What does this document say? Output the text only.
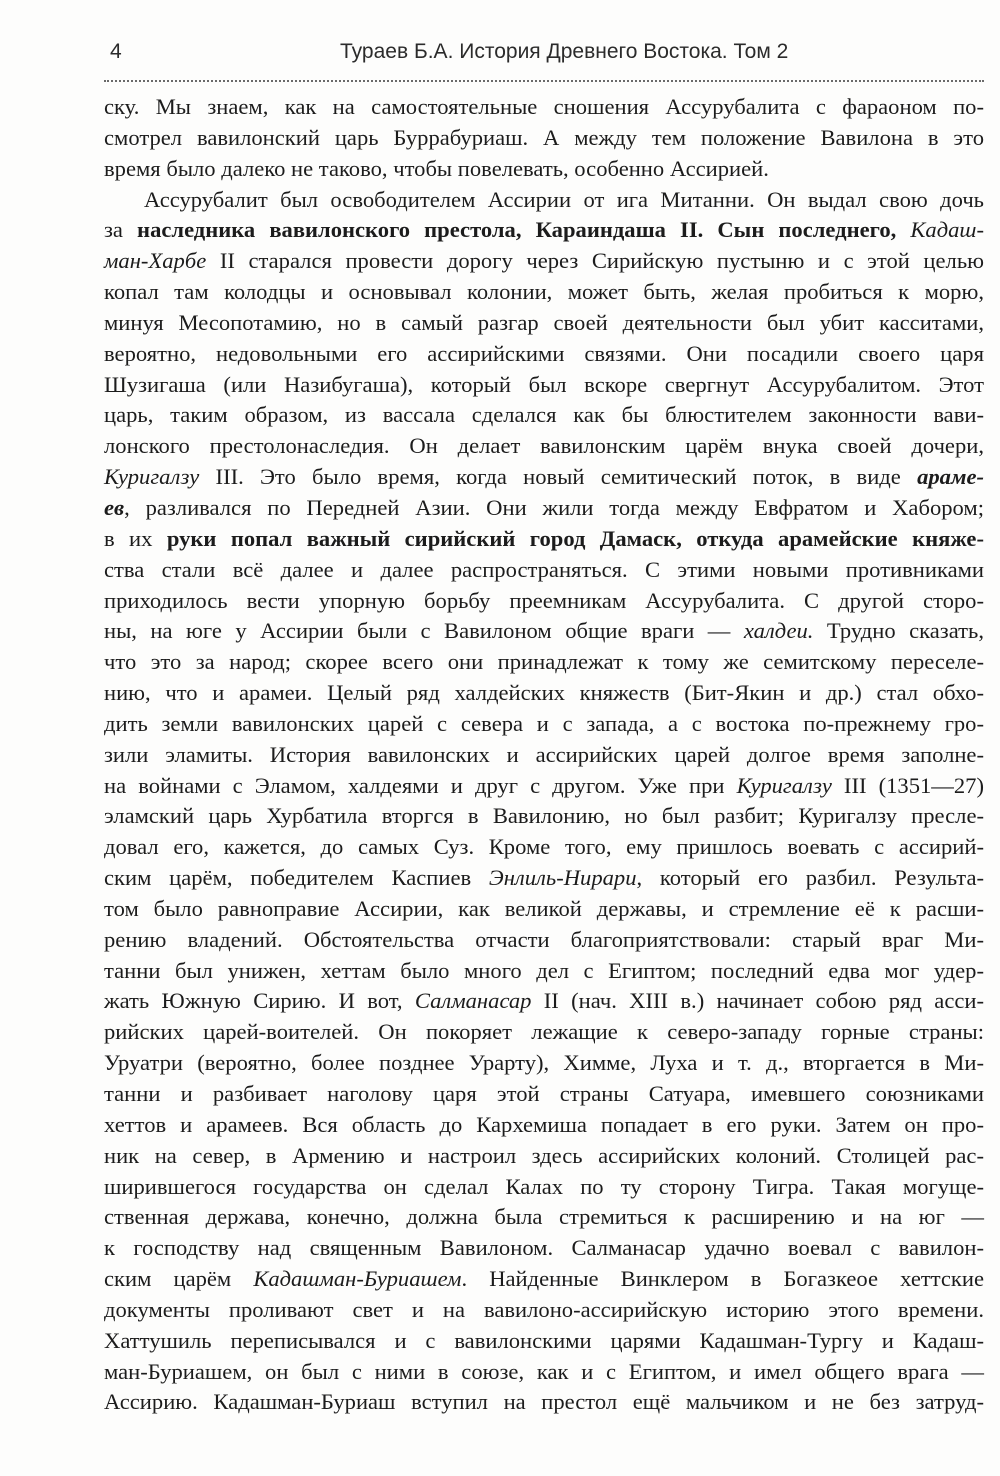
4	Тураев Б.А. История Древнего Востока. Том 2
ску. Мы знаем, как на самостоятельные сношения Ассурубалита с фараоном по-
смотрел вавилонский царь Буррабуриаш. А между тем положение Вавилона в это
время было далеко не таково, чтобы повелевать, особенно Ассирией.
Ассурубалит был освободителем Ассирии от ига Митанни. Он выдал свою дочь
за наследника вавилонского престола, Караиндаша II. Сын последнего, Кадаш-
ман-Харбе II старался провести дорогу через Сирийскую пустыню и с этой целью
копал там колодцы и основывал колонии, может быть, желая пробиться к морю,
минуя Месопотамию, но в самый разгар своей деятельности был убит касситами,
вероятно, недовольными его ассирийскими связями. Они посадили своего царя
Шузигаша (или Назибугаша), который был вскоре свергнут Ассурубалитом. Этот
царь, таким образом, из вассала сделался как бы блюстителем законности вави-
лонского престолонаследия. Он делает вавилонским царём внука своей дочери,
Куригалзу III. Это было время, когда новый семитический поток, в виде араме-
ев, разливался по Передней Азии. Они жили тогда между Евфратом и Хабором;
в их руки попал важный сирийский город Дамаск, откуда арамейские княже-
ства стали всё далее и далее распространяться. С этими новыми противниками
приходилось вести упорную борьбу преемникам Ассурубалита. С другой сторо-
ны, на юге у Ассирии были с Вавилоном общие враги — халдеи. Трудно сказать,
что это за народ; скорее всего они принадлежат к тому же семитскому переселе-
нию, что и арамеи. Целый ряд халдейских княжеств (Бит-Якин и др.) стал обхо-
дить земли вавилонских царей с севера и с запада, а с востока по-прежнему гро-
зили эламиты. История вавилонских и ассирийских царей долгое время заполне-
на войнами с Эламом, халдеями и друг с другом. Уже при Куригалзу III (1351—27)
эламский царь Хурбатила вторгся в Вавилонию, но был разбит; Куригалзу пресле-
довал его, кажется, до самых Суз. Кроме того, ему пришлось воевать с ассирий-
ским царём, победителем Каспиев Энлиль-Нирари, который его разбил. Результа-
том было равноправие Ассирии, как великой державы, и стремление её к расши-
рению владений. Обстоятельства отчасти благоприятствовали: старый враг Ми-
танни был унижен, хеттам было много дел с Египтом; последний едва мог удер-
жать Южную Сирию. И вот, Салманасар II (нач. XIII в.) начинает собою ряд асси-
рийских царей-воителей. Он покоряет лежащие к северо-западу горные страны:
Уруатри (вероятно, более позднее Урарту), Химме, Луха и т. д., вторгается в Ми-
танни и разбивает наголову царя этой страны Сатуара, имевшего союзниками
хеттов и арамеев. Вся область до Кархемиша попадает в его руки. Затем он про-
ник на север, в Армению и настроил здесь ассирийских колоний. Столицей рас-
ширившегося государства он сделал Калах по ту сторону Тигра. Такая могуще-
ственная держава, конечно, должна была стремиться к расширению и на юг —
к господству над священным Вавилоном. Салманасар удачно воевал с вавилон-
ским царём Кадашман-Буриашем. Найденные Винклером в Богазкеое хеттские
документы проливают свет и на вавилоно-ассирийскую историю этого времени.
Хаттушиль переписывался и с вавилонскими царями Кадашман-Тургу и Кадаш-
ман-Буриашем, он был с ними в союзе, как и с Египтом, и имел общего врага —
Ассирию. Кадашман-Буриаш вступил на престол ещё мальчиком и не без затруд-
